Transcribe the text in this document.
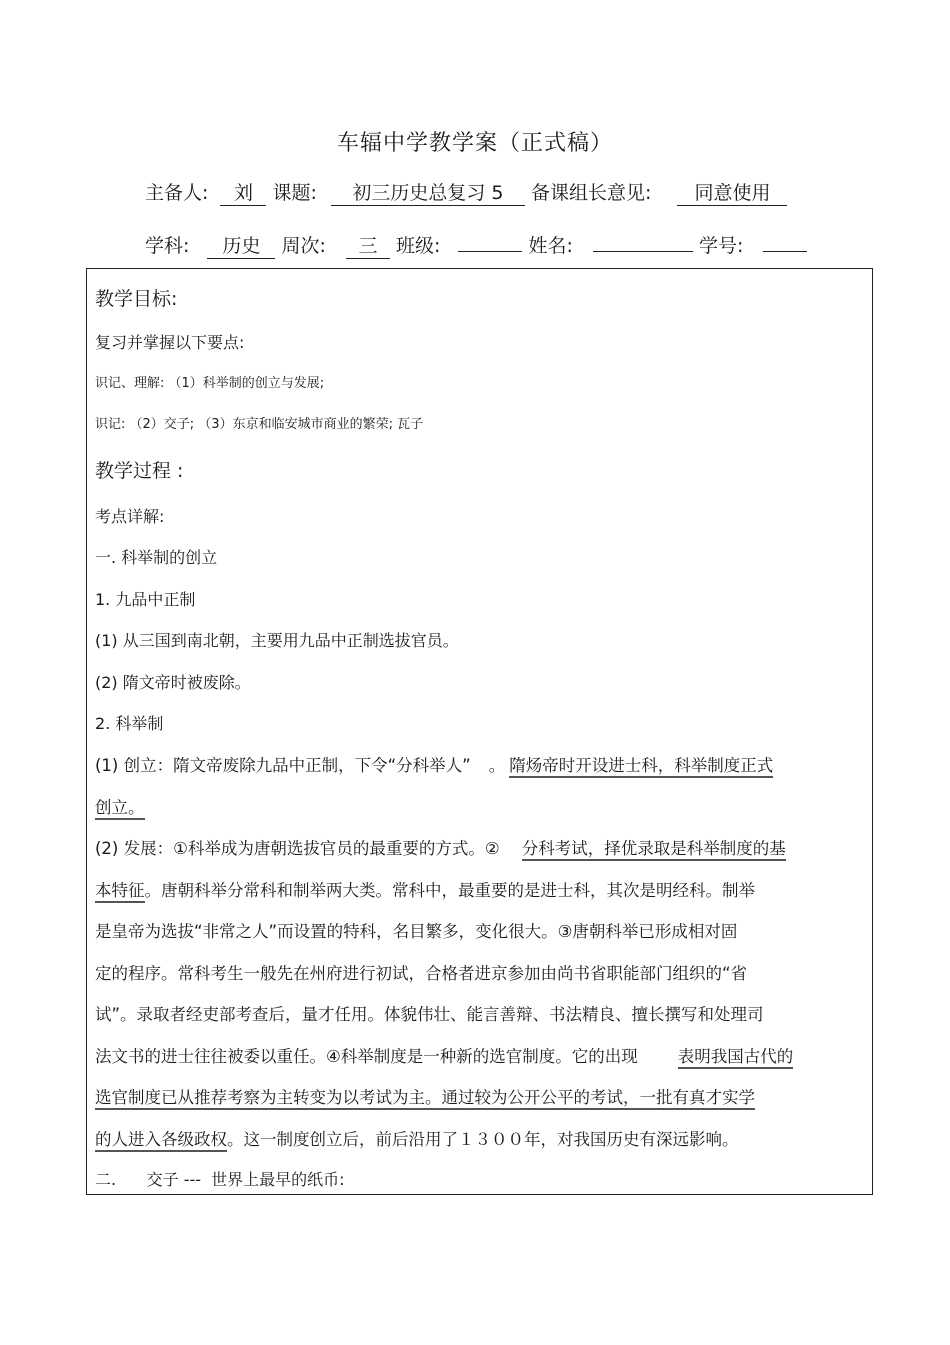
车辐中学教学案（正式稿）
主备人: 刘 课题: 初三历史总复习 5 备课组长意见: 同意使用
学科: 历史 周次: 三 班级:	姓名:	学号:
教学目标:
复习并掌握以下要点:
识记、理解: （1）科举制的创立与发展;
识记: （2）交子; （3）东京和临安城市商业的繁荣; 瓦子
教学过程 :
考点详解:
一. 科举制的创立
1. 九品中正制
(1) 从三国到南北朝，主要用九品中正制选拔官员。
(2) 隋文帝时被废除。
2. 科举制
(1) 创立：隋文帝废除九品中正制，下令“分科举人” 。 隋炀帝时开设进士科，科举制度正式
创立。
(2) 发展：①科举成为唐朝选拔官员的最重要的方式。② 分科考试，择优录取是科举制度的基
本特征。唐朝科举分常科和制举两大类。常科中，最重要的是进士科，其次是明经科。制举
是皇帝为选拔“非常之人”而设置的特科，名目繁多，变化很大。③唐朝科举已形成相对固
定的程序。常科考生一般先在州府进行初试，合格者进京参加由尚书省职能部门组织的“省
试”。录取者经吏部考查后，量才任用。体貌伟壮、能言善辩、书法精良、擅长撰写和处理司
法文书的进士往往被委以重任。④科举制度是一种新的选官制度。它的出现 表明我国古代的
选官制度已从推荐考察为主转变为以考试为主。通过较为公开公平的考试，一批有真才实学
的人进入各级政权。这一制度创立后，前后沿用了１３００年，对我国历史有深远影响。
二.      交子 ---  世界上最早的纸币:
